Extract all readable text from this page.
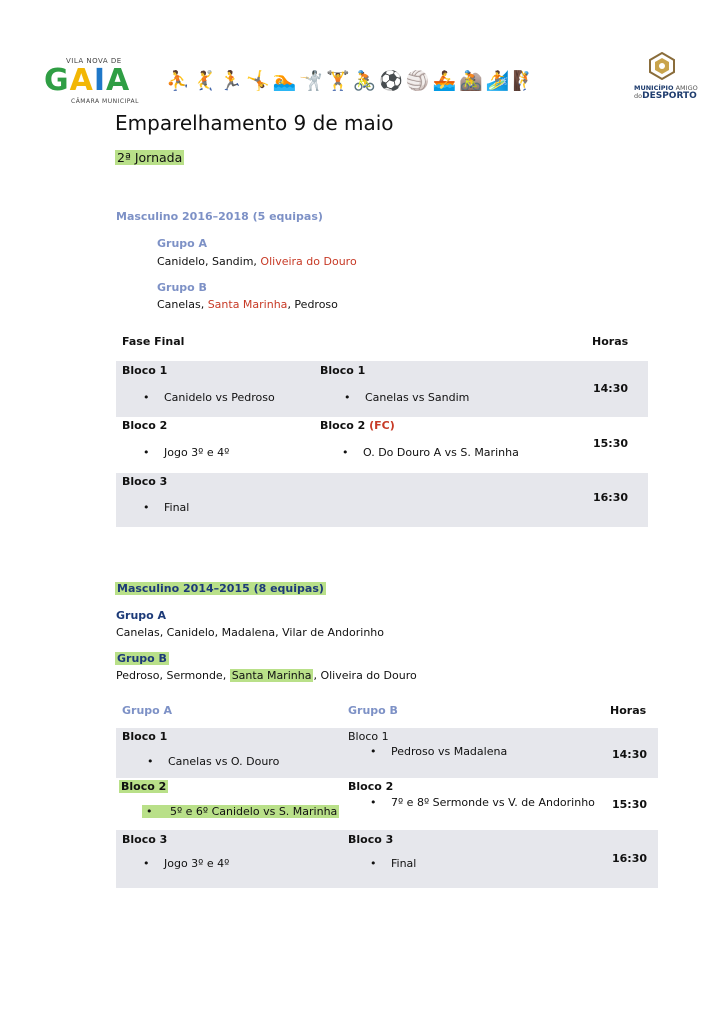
VILA NOVA DE
GAIA
CÂMARA MUNICIPAL
⛹🤾🏃🤸🏊🤺🏋🚴⚽🏐🚣🚵🏄🧗	MUNICÍPIO AMIGO
doDESPORTO
Emparelhamento 9 de maio
2ª Jornada
Masculino 2016–2018 (5 equipas)
Grupo A
Canidelo, Sandim, Oliveira do Douro
Grupo B
Canelas, Santa Marinha, Pedroso
Fase Final	Horas
Bloco 1
• Canidelo vs Pedroso
Bloco 1
• Canelas vs Sandim
14:30
Bloco 2
• Jogo 3º e 4º
Bloco 2 (FC)
• O. Do Douro A vs S. Marinha
15:30
Bloco 3
• Final
16:30
Masculino 2014–2015 (8 equipas)
Grupo A
Canelas, Canidelo, Madalena, Vilar de Andorinho
Grupo B
Pedroso, Sermonde, Santa Marinha , Oliveira do Douro
Grupo A	Grupo B	Horas
Bloco 1
• Canelas vs O. Douro
Bloco 1
• Pedroso vs Madalena	14:30
Bloco 2
•     5º e 6º Canidelo vs S. Marinha
Bloco 2
• 7º e 8º Sermonde vs V. de Andorinho 15:30
Bloco 3
• Jogo 3º e 4º
Bloco 3
• Final	16:30
